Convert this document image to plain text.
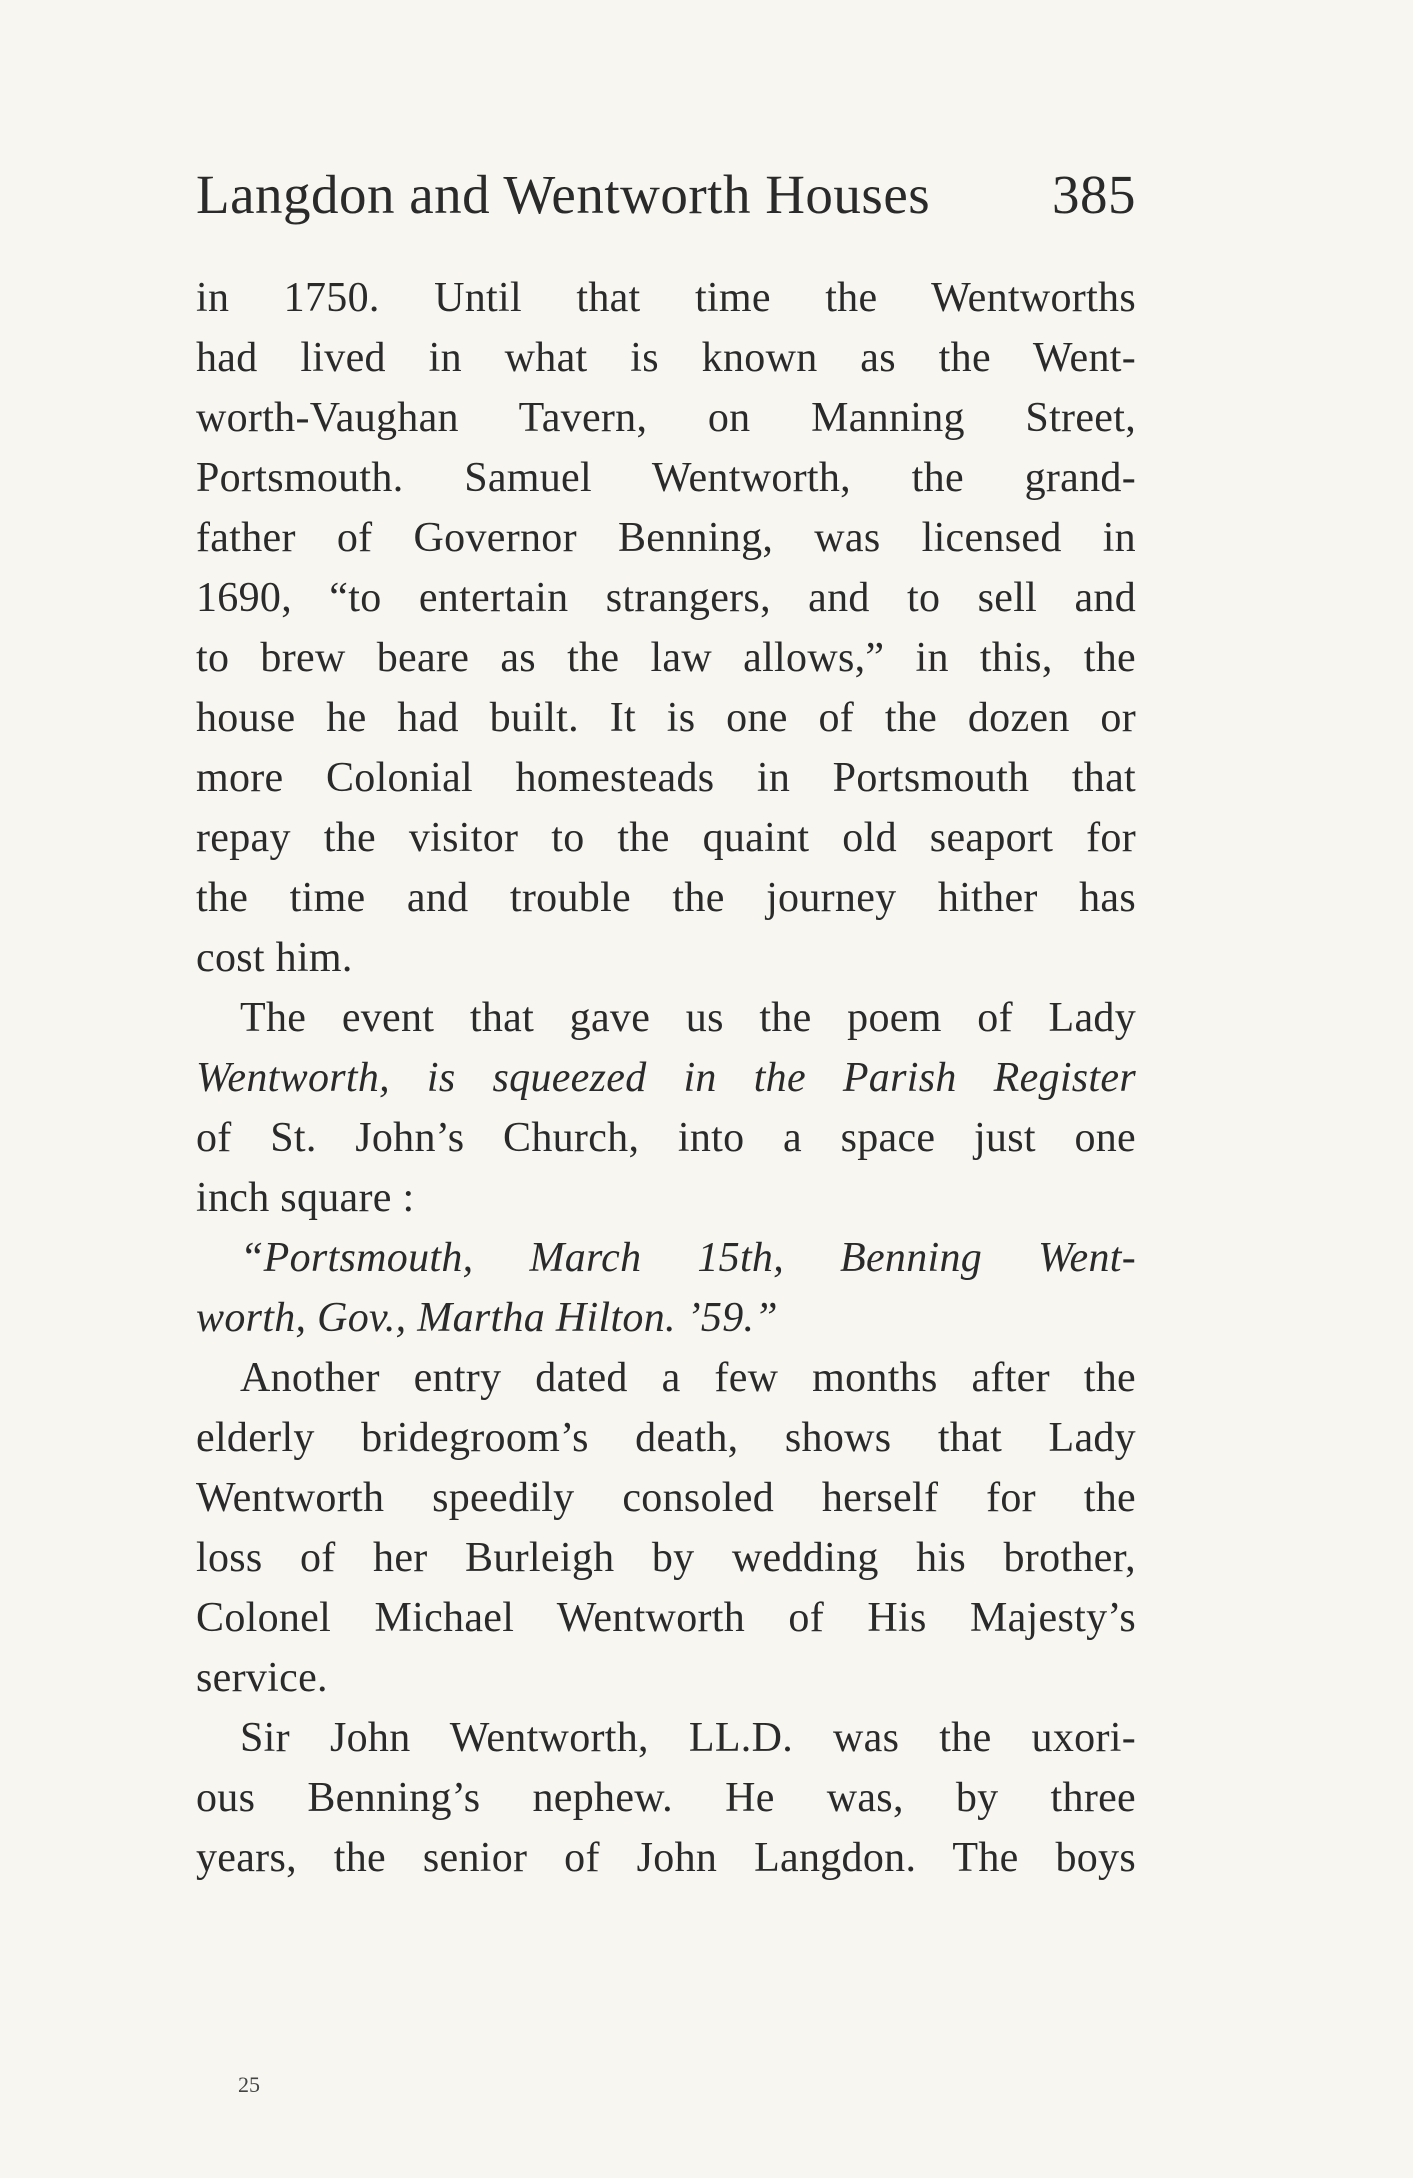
Langdon and Wentworth Houses 385
in 1750. Until that time the Wentworths
had lived in what is known as the Went-
worth-Vaughan Tavern, on Manning Street,
Portsmouth. Samuel Wentworth, the grand-
father of Governor Benning, was licensed in
1690, “to entertain strangers, and to sell and
to brew beare as the law allows,” in this, the
house he had built. It is one of the dozen or
more Colonial homesteads in Portsmouth that
repay the visitor to the quaint old seaport for
the time and trouble the journey hither has
cost him.
The event that gave us the poem of Lady
Wentworth, is squeezed in the Parish Register
of St. John’s Church, into a space just one
inch square :
“Portsmouth, March 15th, Benning Went-
worth, Gov., Martha Hilton. ’59.”
Another entry dated a few months after the
elderly bridegroom’s death, shows that Lady
Wentworth speedily consoled herself for the
loss of her Burleigh by wedding his brother,
Colonel Michael Wentworth of His Majesty’s
service.
Sir John Wentworth, LL.D. was the uxori-
ous Benning’s nephew. He was, by three
years, the senior of John Langdon. The boys
25
